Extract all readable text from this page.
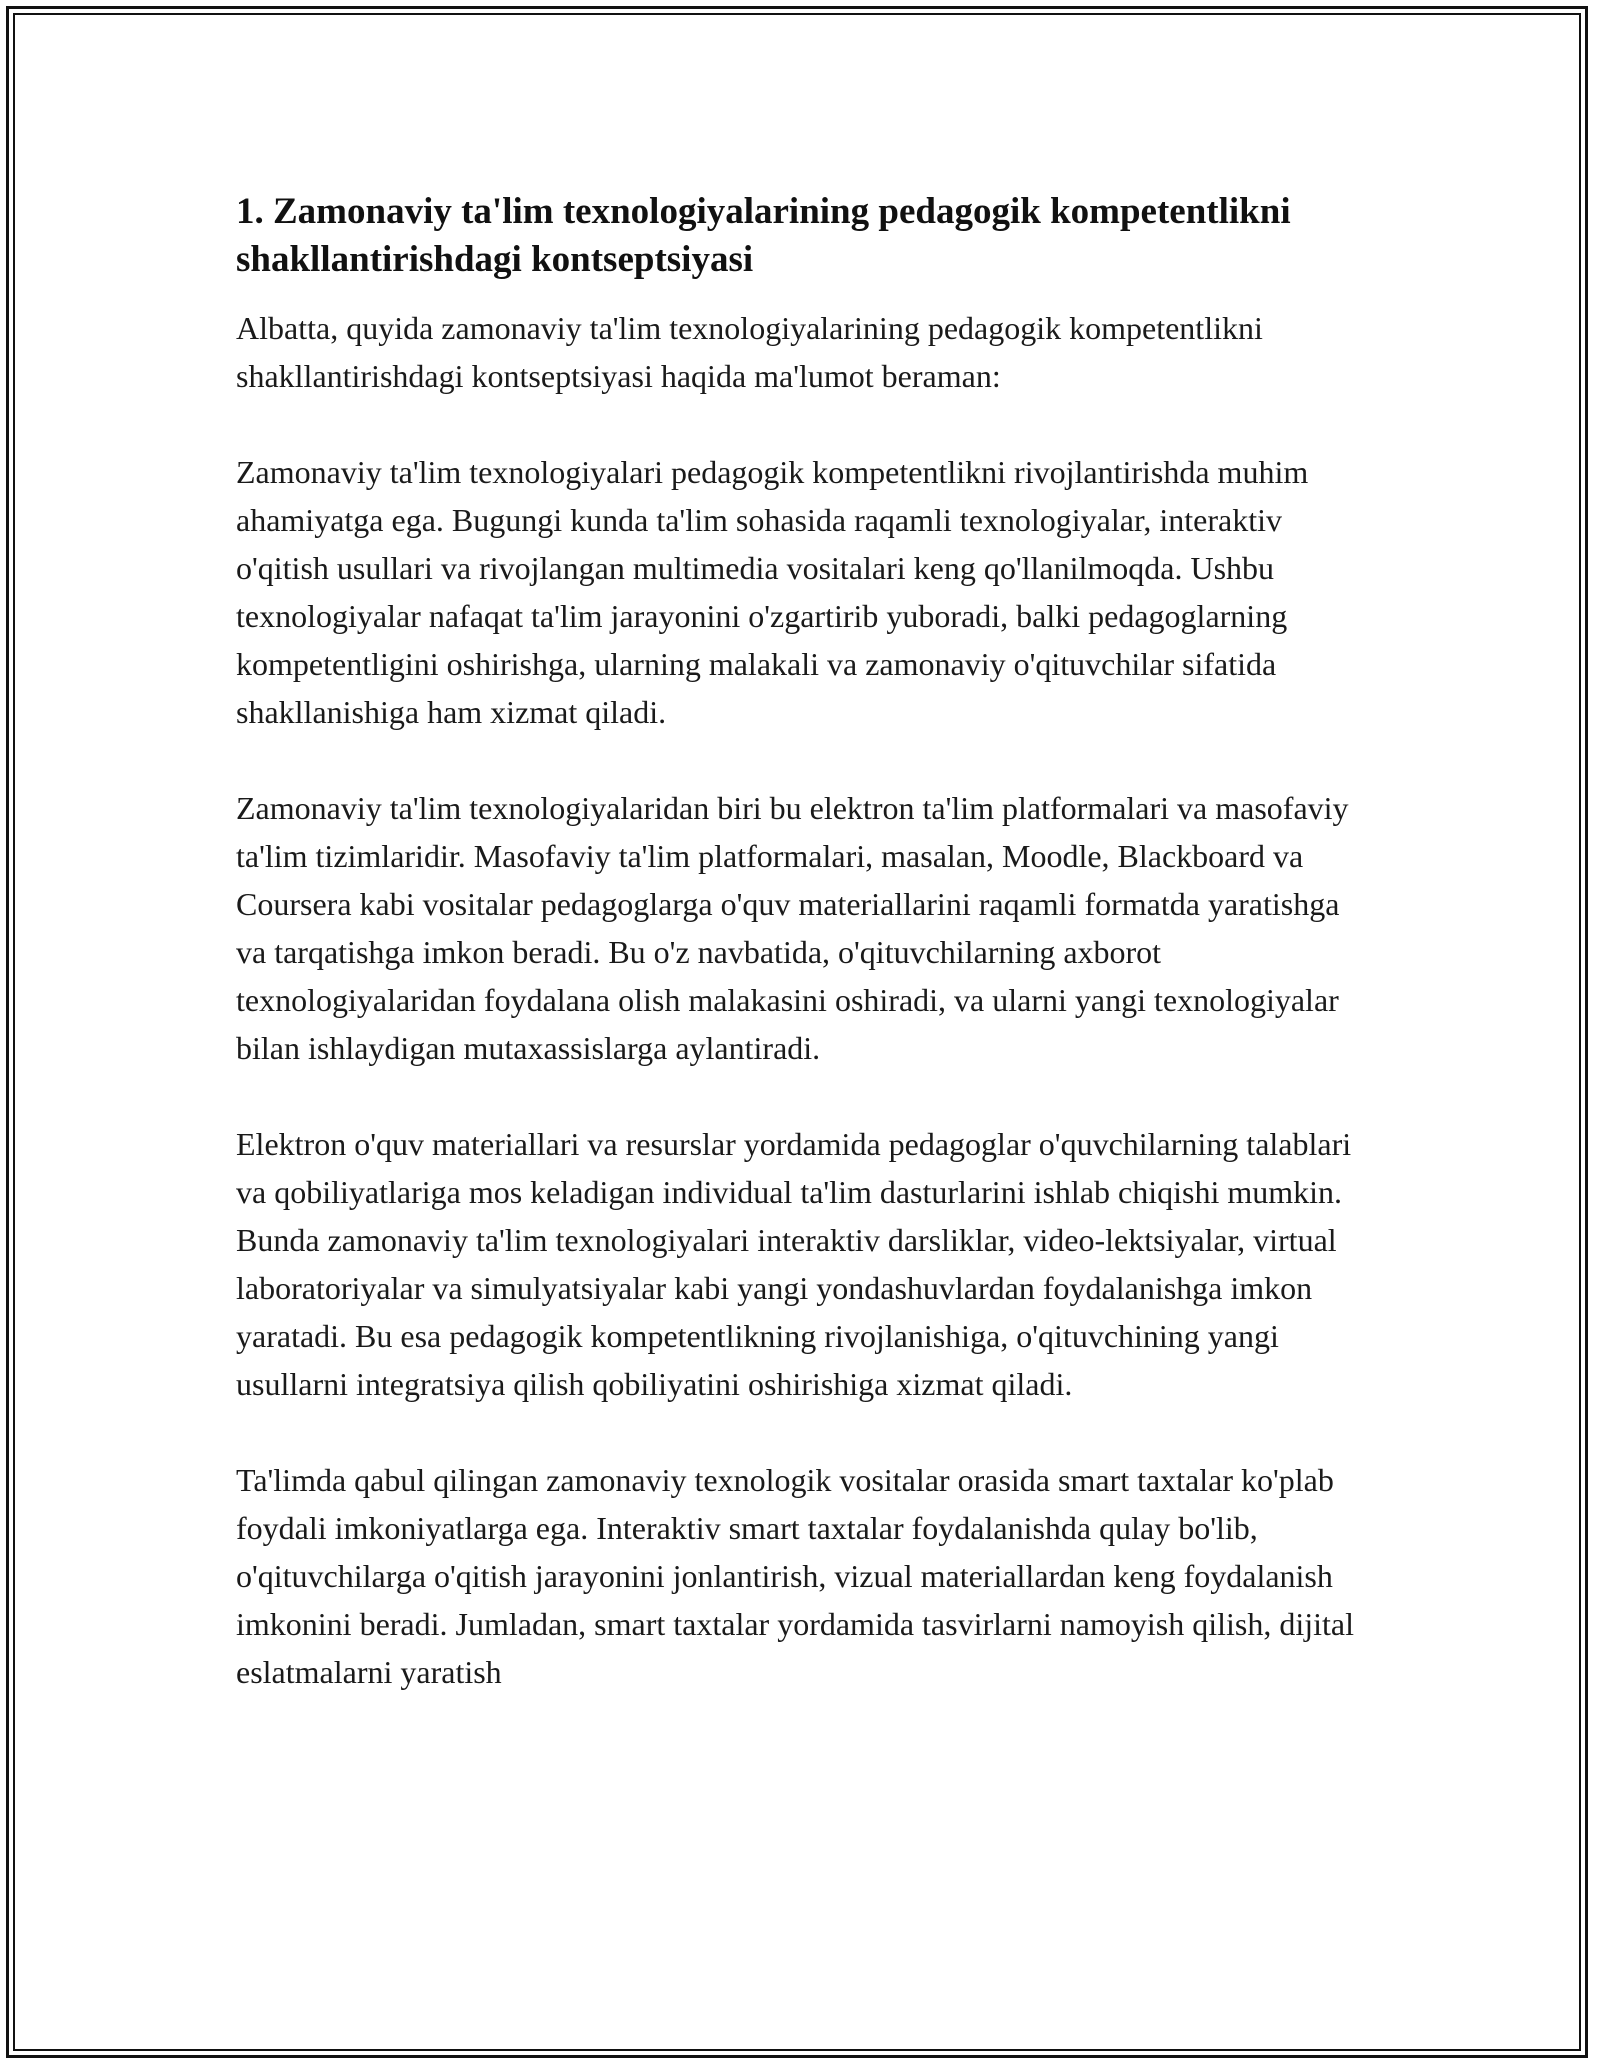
1. Zamonaviy ta'lim texnologiyalarining pedagogik kompetentlikni shakllantirishdagi kontseptsiyasi

Albatta, quyida zamonaviy ta'lim texnologiyalarining pedagogik kompetentlikni shakllantirishdagi kontseptsiyasi haqida ma'lumot beraman:

Zamonaviy ta'lim texnologiyalari pedagogik kompetentlikni rivojlantirishda muhim ahamiyatga ega. Bugungi kunda ta'lim sohasida raqamli texnologiyalar, interaktiv o'qitish usullari va rivojlangan multimedia vositalari keng qo'llanilmoqda. Ushbu texnologiyalar nafaqat ta'lim jarayonini o'zgartirib yuboradi, balki pedagoglarning kompetentligini oshirishga, ularning malakali va zamonaviy o'qituvchilar sifatida shakllanishiga ham xizmat qiladi.

Zamonaviy ta'lim texnologiyalaridan biri bu elektron ta'lim platformalari va masofaviy ta'lim tizimlaridir. Masofaviy ta'lim platformalari, masalan, Moodle, Blackboard va Coursera kabi vositalar pedagoglarga o'quv materiallarini raqamli formatda yaratishga va tarqatishga imkon beradi. Bu o'z navbatida, o'qituvchilarning axborot texnologiyalaridan foydalana olish malakasini oshiradi, va ularni yangi texnologiyalar bilan ishlaydigan mutaxassislarga aylantiradi.

Elektron o'quv materiallari va resurslar yordamida pedagoglar o'quvchilarning talablari va qobiliyatlariga mos keladigan individual ta'lim dasturlarini ishlab chiqishi mumkin. Bunda zamonaviy ta'lim texnologiyalari interaktiv darsliklar, video-lektsiyalar, virtual laboratoriyalar va simulyatsiyalar kabi yangi yondashuvlardan foydalanishga imkon yaratadi. Bu esa pedagogik kompetentlikning rivojlanishiga, o'qituvchining yangi usullarni integratsiya qilish qobiliyatini oshirishiga xizmat qiladi.

Ta'limda qabul qilingan zamonaviy texnologik vositalar orasida smart taxtalar ko'plab foydali imkoniyatlarga ega. Interaktiv smart taxtalar foydalanishda qulay bo'lib, o'qituvchilarga o'qitish jarayonini jonlantirish, vizual materiallardan keng foydalanish imkonini beradi. Jumladan, smart taxtalar yordamida tasvirlarni namoyish qilish, dijital eslatmalarni yaratish
